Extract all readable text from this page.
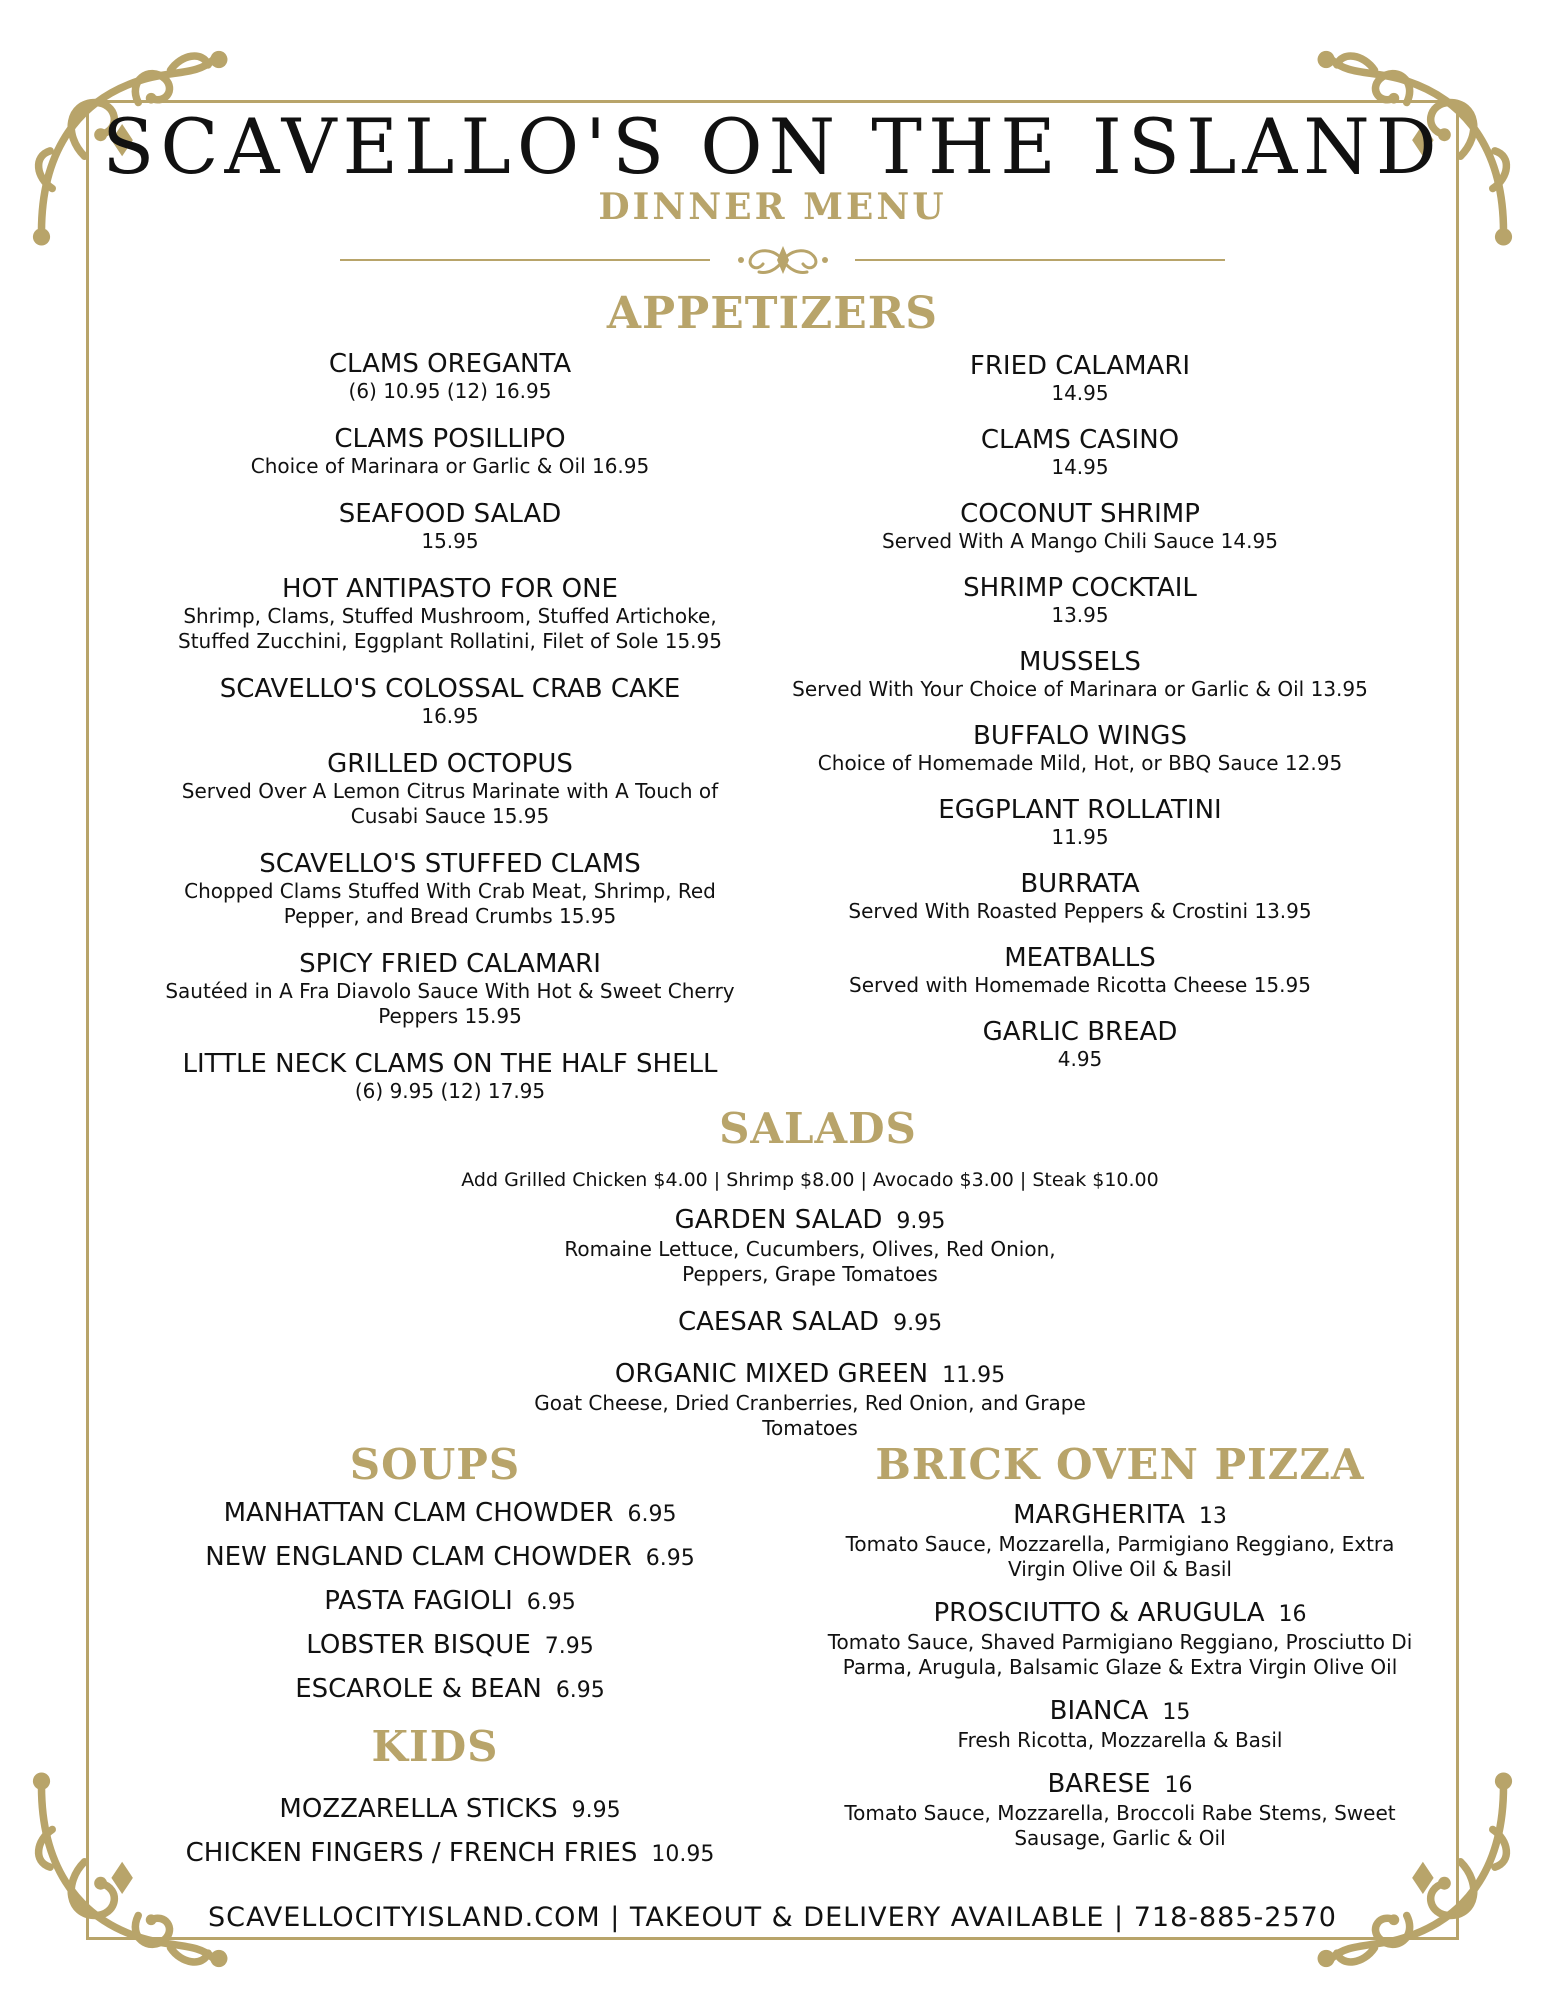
SCAVELLO'S ON THE ISLAND
DINNER MENU
APPETIZERS
CLAMS OREGANTA
(6) 10.95 (12) 16.95
CLAMS POSILLIPO
Choice of Marinara or Garlic & Oil 16.95
SEAFOOD SALAD
15.95
HOT ANTIPASTO FOR ONE
Shrimp, Clams, Stuffed Mushroom, Stuffed Artichoke, Stuffed Zucchini, Eggplant Rollatini, Filet of Sole 15.95
SCAVELLO'S COLOSSAL CRAB CAKE
16.95
GRILLED OCTOPUS
Served Over A Lemon Citrus Marinate with A Touch of Cusabi Sauce 15.95
SCAVELLO'S STUFFED CLAMS
Chopped Clams Stuffed With Crab Meat, Shrimp, Red Pepper, and Bread Crumbs 15.95
SPICY FRIED CALAMARI
Sautéed in A Fra Diavolo Sauce With Hot & Sweet Cherry Peppers 15.95
LITTLE NECK CLAMS ON THE HALF SHELL
(6) 9.95 (12) 17.95
FRIED CALAMARI
14.95
CLAMS CASINO
14.95
COCONUT SHRIMP
Served With A Mango Chili Sauce 14.95
SHRIMP COCKTAIL
13.95
MUSSELS
Served With Your Choice of Marinara or Garlic & Oil 13.95
BUFFALO WINGS
Choice of Homemade Mild, Hot, or BBQ Sauce 12.95
EGGPLANT ROLLATINI
11.95
BURRATA
Served With Roasted Peppers & Crostini 13.95
MEATBALLS
Served with Homemade Ricotta Cheese 15.95
GARLIC BREAD
4.95
SALADS
Add Grilled Chicken $4.00 | Shrimp $8.00 | Avocado $3.00 | Steak $10.00
GARDEN SALAD 9.95
Romaine Lettuce, Cucumbers, Olives, Red Onion, Peppers, Grape Tomatoes
CAESAR SALAD 9.95
ORGANIC MIXED GREEN 11.95
Goat Cheese, Dried Cranberries, Red Onion, and Grape Tomatoes
SOUPS
MANHATTAN CLAM CHOWDER 6.95
NEW ENGLAND CLAM CHOWDER 6.95
PASTA FAGIOLI 6.95
LOBSTER BISQUE 7.95
ESCAROLE & BEAN 6.95
KIDS
MOZZARELLA STICKS 9.95
CHICKEN FINGERS / FRENCH FRIES 10.95
BRICK OVEN PIZZA
MARGHERITA 13
Tomato Sauce, Mozzarella, Parmigiano Reggiano, Extra Virgin Olive Oil & Basil
PROSCIUTTO & ARUGULA 16
Tomato Sauce, Shaved Parmigiano Reggiano, Prosciutto Di Parma, Arugula, Balsamic Glaze & Extra Virgin Olive Oil
BIANCA 15
Fresh Ricotta, Mozzarella & Basil
BARESE 16
Tomato Sauce, Mozzarella, Broccoli Rabe Stems, Sweet Sausage, Garlic & Oil
SCAVELLOCITYISLAND.COM | TAKEOUT & DELIVERY AVAILABLE | 718-885-2570
